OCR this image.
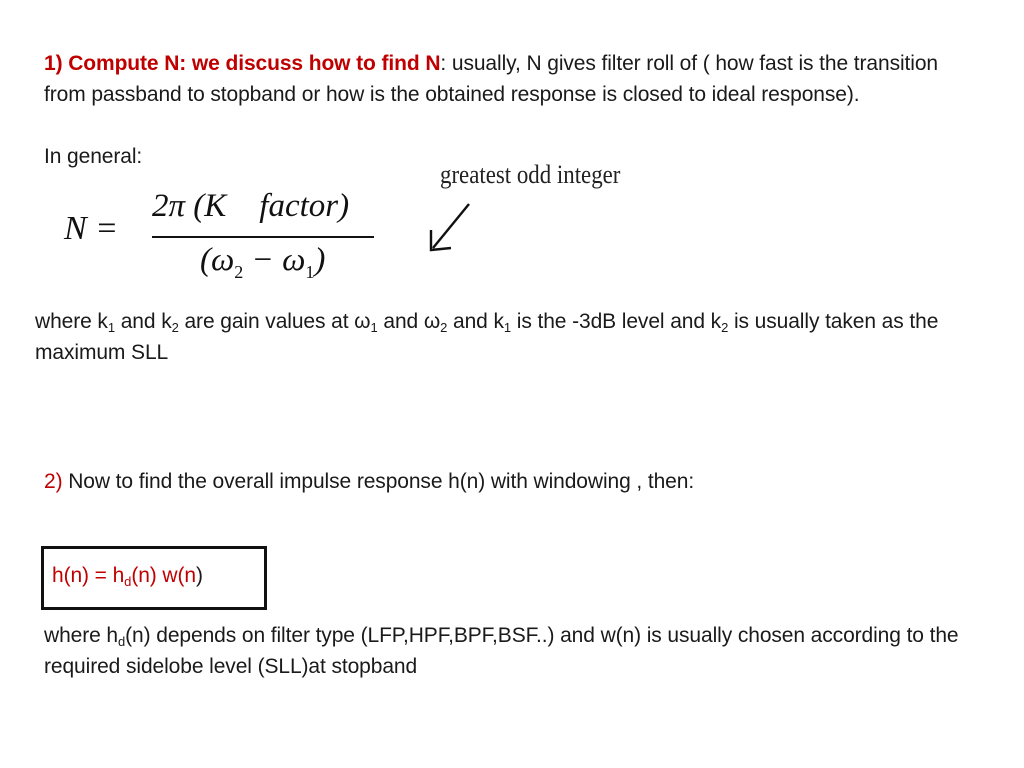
1) Compute N: we discuss how to find N: usually, N gives filter roll of ( how fast is the transition from passband to stopband or how is the obtained response is closed to ideal response).
In general:
N =
2π (K    factor)
$(\omega_2 - \omega_1)$
greatest odd integer
where $k_1$ and $k_2$ are gain values at $\omega_1$ and $\omega_2$ and $k_1$ is the -3dB level and $k_2$ is usually taken as the maximum SLL
2) Now to find the overall impulse response h(n) with windowing , then:
$h(n) = h_d(n)$ w(n)
where $h_d(n)$ depends on filter type (LFP,HPF,BPF,BSF..) and w(n) is usually chosen according to the required sidelobe level (SLL)at stopband
